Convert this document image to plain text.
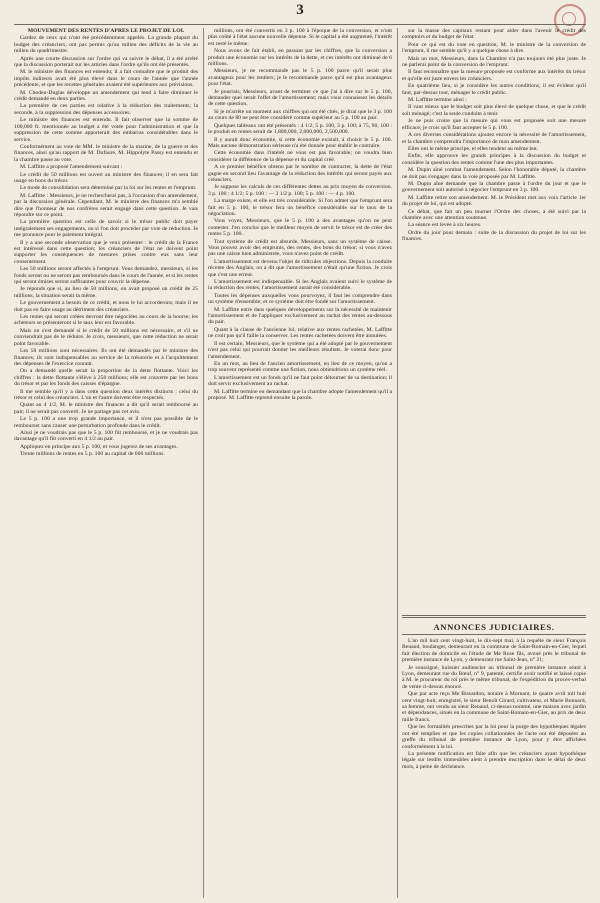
3

MOUVEMENT DES RENTES D'APRÈS LE PROJET DE LOI.

Gardez de ceux qui n'ont été précédemment appelés. La grande plupart du budget des créanciers, ont pas permis qu'au milieu des déficits de la vie au milieu du quadrimestre.

Après une courte discussion sur l'ordre qui va suivre le débat, il a été arrêté que la discussion porterait sur les articles dans l'ordre qu'ils ont été présentés.

M. le ministre des finances est entendu; il a fait connaître que le produit des impôts indirects avait été plus élevé dans le cours de l'année que l'année précédente, et que les recettes générales avaient été supérieures aux prévisions.

M. Chodeu-Duglas développe un amendement qui tend à faire diminuer le crédit demandé en deux parties.

La première de ces parties est relative à la réduction des traitements; la seconde, à la suppression des dépenses accessoires.

Le ministre des finances est entendu. Il fait observer que la somme de 100,000 fr. mentionnée au budget a été votée pour l'administration et que la suppression de cette somme apporterait des embarras considérables dans le service.

Conformément au vote de MM. le ministre de la marine, de la guerre et des finances, ainsi qu'au rapport de M. Dufaure, M. Hippolyte Passy est entendu et la chambre passe au vote.

M. Laffitte a proposé l'amendement suivant :

Le crédit de 50 millions est ouvert au ministre des finances; il en sera fait usage en bons du trésor.

Le mode de consolidation sera déterminé par la loi sur les rentes et l'emprunt.

M. Laffitte : Messieurs, je ne rechercherai pas, à l'occasion d'un amendement, par la discussion générale. Cependant, M. le ministre des finances m'a semblé dire que l'honneur de nos confrères serait engagé dans cette question. Je vais répondre sur ce point.

La première question est celle de savoir si le trésor public doit payer intégralement ses engagements, ou si l'on doit procéder par voie de réduction. Je me prononce pour le paiement intégral.

Il y a une seconde observation que je veux présenter : le crédit de la France est intéressé dans cette question; les créanciers de l'état ne doivent point supporter les conséquences de mesures prises contre eux sans leur consentement.

Les 50 millions seront affectés à l'emprunt. Vous demandez, messieurs, si les fonds seront ou ne seront pas remboursés dans le cours de l'année, et si les rentes qui seront émises seront suffisantes pour couvrir la dépense.

Je réponds que si, au lieu de 50 millions, on avait proposé un crédit de 25 millions, la situation serait la même.

Le gouvernement a besoin de ce crédit, et nous le lui accorderons; mais il ne doit pas en faire usage au détriment des créanciers.

Les rentes qui seront créées devront être négociées au cours de la bourse; les acheteurs se présenteront si le taux leur est favorable.

Mais on s'est demandé si le crédit de 50 millions est nécessaire, et s'il ne conviendrait pas de le réduire. Je crois, messieurs, que cette réduction ne serait point favorable.

Les 50 millions sont nécessaires. Ils ont été demandés par le ministre des finances; ils sont indispensables au service de la trésorerie et à l'acquittement des dépenses de l'exercice courant.

On a demandé quelle serait la proportion de la dette flottante. Voici les chiffres : la dette flottante s'élève à 250 millions; elle est couverte par les bons du trésor et par les fonds des caisses d'épargne.

Il me semble qu'il y a dans cette question deux intérêts distincts : celui du trésor et celui des créanciers. L'un et l'autre doivent être respectés.

Quant au 4 1/2, M. le ministre des finances a dit qu'il serait remboursé au pair; il ne serait pas converti. Je ne partage pas cet avis.

Le 5 p. 100 a une trop grande importance, et il n'est pas possible de le rembourser sans causer une perturbation profonde dans le crédit.

Ainsi je ne voudrais pas que le 5 p. 100 fût remboursé, et je ne voudrais pas davantage qu'il fût converti en 4 1/2 au pair.

Appliquez en principe aux 5 p. 100, et vous jugerez de ses avantages.

Trente millions de rentes en 5 p. 100 au capital de 600 millions.

millions, ont été convertis en 3 p. 100 à l'époque de la conversion, et n'ont plus coûté à l'état aucune nouvelle dépense. Si le capital a été augmenté, l'intérêt est resté le même.

Nous avons de fait établi, en passant par les chiffres, que la conversion a produit une économie sur les intérêts de la dette, et ces intérêts ont diminué de 6 millions.

Messieurs, je ne recommande pas le 5 p. 100 parce qu'il serait plus avantageux pour les rentiers; je le recommande parce qu'il est plus avantageux pour l'état.

Je pourrais, Messieurs, avant de terminer ce que j'ai à dire sur le 5 p. 100, demander quel serait l'effet de l'amortissement; mais vous connaissez les détails de cette question.

Si je m'arrête un moment aux chiffres qui ont été cités, je dirai que le 3 p. 100 au cours de 80 ne peut être considéré comme supérieur au 5 p. 100 au pair.

Quelques tableaux ont été présentés : 4 1/2, 5 p. 100, 3 p. 100; à 75, 90, 100 : le produit en rentes serait de 1,800,000, 2,000,000, 2,500,000.

Il y aurait donc économie, si cette économie existait, à choisir le 5 p. 100. Mais aucune démonstration sérieuse n'a été donnée pour établir le contraire.

Cette économie dans l'intérêt ne vous est pas favorable; on voudra bien considérer la différence de la dépense et du capital créé.

A ce premier bénéfice obtenu par le nombre de contracter, la dette de l'état gagne en second lieu l'avantage de la réduction des intérêts qui seront payés aux créanciers.

Je suppose les calculs de ces différentes dettes au prix moyen de conversion. 3 p. 100 : 4 1/2; 5 p. 100 : — 3 1/2 p. 100; 5 p. 100 : — 4 p. 100.

La marge existe, et elle est très considérable. Si l'on admet que l'emprunt sera fait en 5 p. 100, le trésor fera un bénéfice considérable sur le taux de la négociation.

Vous voyez, Messieurs, que le 5 p. 100 a des avantages qu'on ne peut contester. J'en conclus que le meilleur moyen de servir le trésor est de créer des rentes 5 p. 100.

Tout système de crédit est absurde, Messieurs, sans un système de caisse. Vous pouvez avoir des emprunts, des rentes, des bons du trésor; si vous n'avez pas une caisse bien administrée, vous n'avez point de crédit.

L'amortissement est devenu l'objet de ridicules objections. Depuis la conduite récente des Anglais, on a dit que l'amortissement n'était qu'une fiction. Je crois que c'est une erreur.

L'amortissement est indispensable. Si les Anglais avaient suivi le système de la réduction des rentes, l'amortissement aurait été considérable.

Toutes les dépenses auxquelles vous pourvoyez, il faut les comprendre dans un système d'ensemble; et ce système doit être fondé sur l'amortissement.

M. Laffitte entre dans quelques développements sur la nécessité de maintenir l'amortissement et de l'appliquer exclusivement au rachat des rentes au-dessous du pair.

Quant à la clause de l'ancienne loi, relative aux rentes rachetées, M. Laffitte ne croit pas qu'il faille la conserver. Les rentes rachetées doivent être annulées.

Il est certain, Messieurs, que le système qui a été adopté par le gouvernement n'est pas celui qui pourrait donner les meilleurs résultats. Je voterai donc pour l'amendement.

En un mot, au lieu de l'ancien amortissement, en lieu de ce moyen, qu'on a trop souvent représenté comme une fiction, nous obtiendrions un système réel.

L'amortissement est un fonds qu'il ne faut point détourner de sa destination; il doit servir exclusivement au rachat.

M. Laffitte termine en demandant que la chambre adopte l'amendement qu'il a proposé. M. Laffitte reprend ensuite la parole.

sur la masse des capitaux restant pour aider dans l'avenir le crédit des comptoirs et du budget de l'état.

Pour ce qui est du vote en question, M. le ministre de la conversion de l'emprunt, il me semble qu'il y a quelque chose à dire.

Mais un mot, Messieurs, dans la Chambre n'a pas toujours été plus juste. Je ne parlerai point de la conversion de l'emprunt.

Il faut reconnaître que la mesure proposée est conforme aux intérêts du trésor et qu'elle est juste envers les créanciers.

En quatrième lieu, si je considère les autres conditions, il est évident qu'il faut, par-dessus tout, ménager le crédit public.

M. Laffitte termine ainsi :

Il vaut mieux que le budget soit plus élevé de quelque chose, et que le crédit soit ménagé; c'est la seule conduite à tenir.

Je ne puis croire que la mesure qui vous est proposée soit une mesure efficace; je crois qu'il faut accepter le 5 p. 100.

A ces diverses considérations ajoutez encore la nécessité de l'amortissement, et la chambre comprendra l'importance de mon amendement.

Elles ont le même principe, et elles tendent au même but.

Enfin, elle approuve les grands principes à la discussion du budget et considère la question des rentes comme l'une des plus importantes.

M. Dupin aîné combat l'amendement. Selon l'honorable député, la chambre ne doit pas s'engager dans la voie proposée par M. Laffitte.

M. Dupin aîné demande que la chambre passe à l'ordre du jour et que le gouvernement soit autorisé à négocier l'emprunt en 3 p. 100.

M. Laffitte retire son amendement. M. le Président met aux voix l'article 1er du projet de loi, qui est adopté.

Ce débat, que fait un peu tourner l'Ordre des choses, a été suivi par la chambre avec une attention soutenue.

La séance est levée à six heures.

Ordre du jour pour demain : suite de la discussion du projet de loi sur les finances.

ANNONCES JUDICIAIRES.

L'an mil huit cent vingt-huit, le dix-sept mai, à la requête de sieur François Renaud, boulanger, demeurant en la commune de Saint-Romain-en-Gier, lequel fait élection de domicile en l'étude de Me Rose fils, avoué près le tribunal de première instance de Lyon, y demeurant rue Saint-Jean, n° 21;

Je soussigné, huissier audiencier au tribunal de première instance séant à Lyon, demeurant rue du Bœuf, n° 9, patenté, certifie avoir notifié et laissé copie à M. le procureur du roi près le même tribunal, de l'expédition du procès-verbal de vente ci-dessus énoncé.

Que par acte reçu Me Bissardon, notaire à Mornant, le quatre avril mil huit cent vingt-huit, enregistré, le sieur Benoît Girard, cultivateur, et Marie Bonnard, sa femme, ont vendu au sieur Renaud, ci-dessus nommé, une maison avec jardin et dépendances, situés en la commune de Saint-Romain-en-Gier, au prix de deux mille francs.

Que les formalités prescrites par la loi pour la purge des hypothèques légales ont été remplies et que les copies collationnées de l'acte ont été déposées au greffe du tribunal de première instance de Lyon, pour y être affichées conformément à la loi.

La présente notification est faite afin que les créanciers ayant hypothèque légale sur lesdits immeubles aient à prendre inscription dans le délai de deux mois, à peine de déchéance.
